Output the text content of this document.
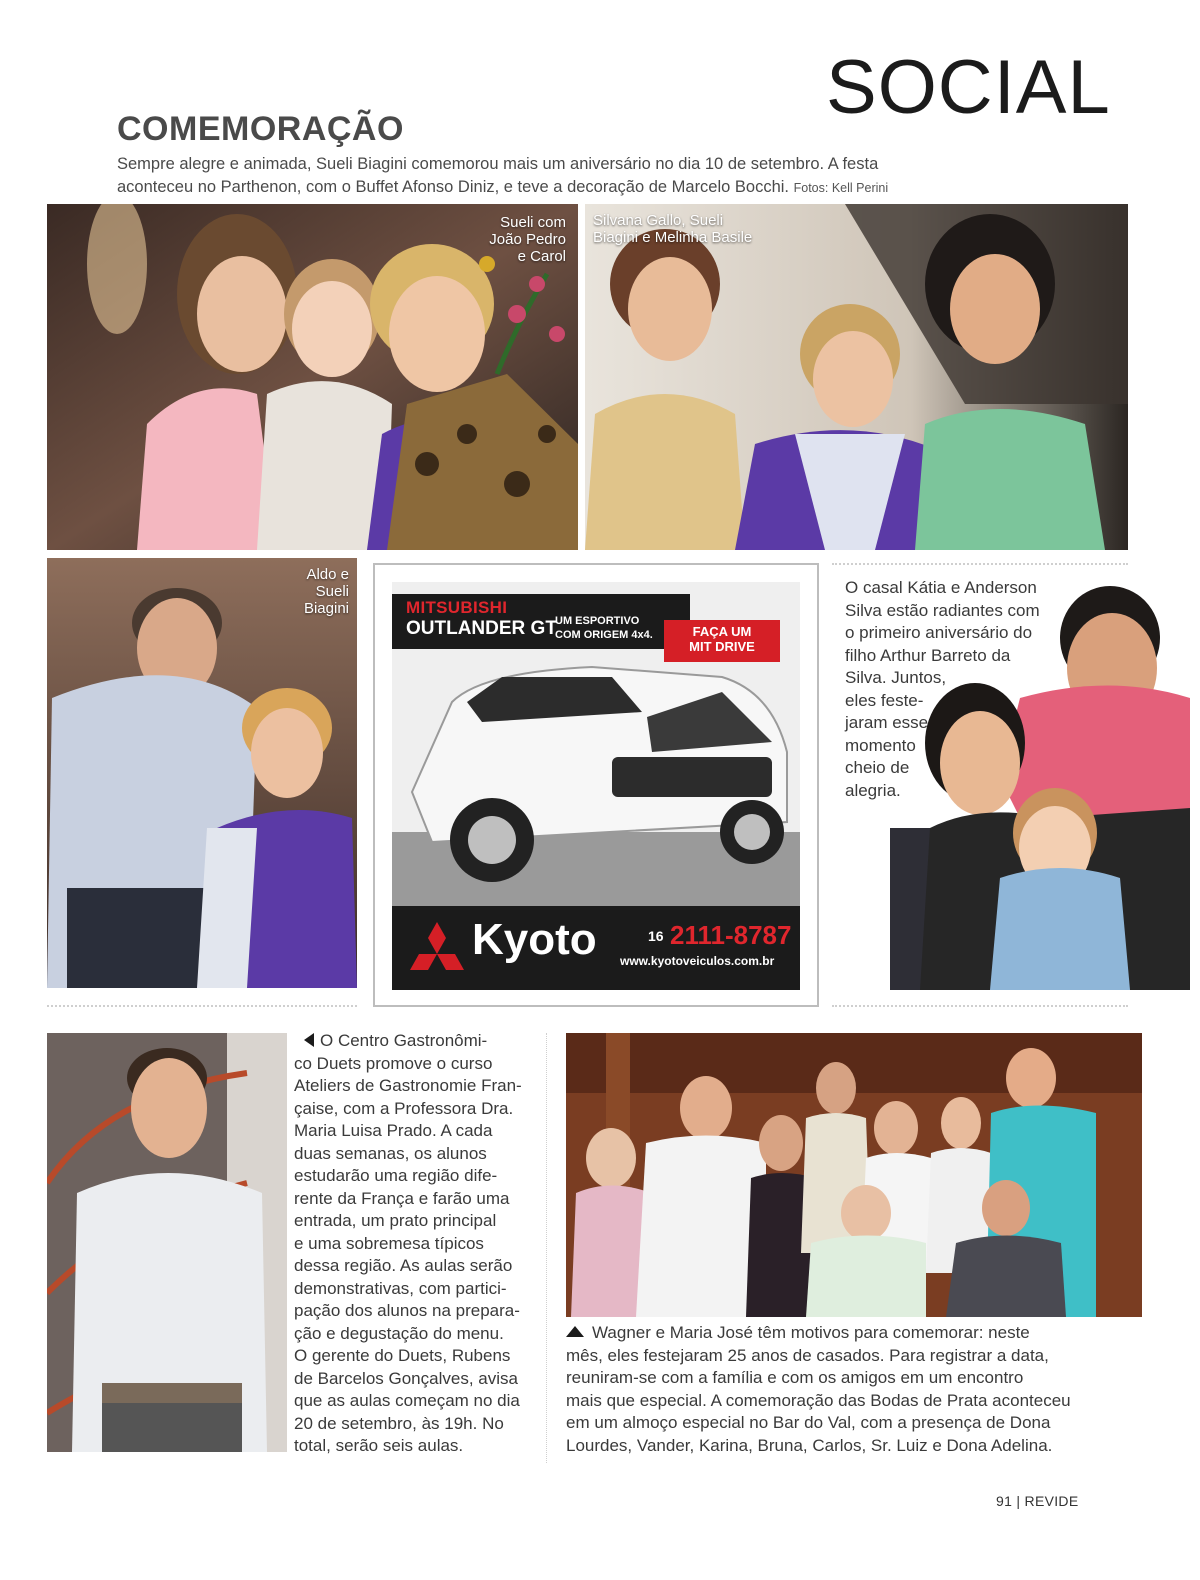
SOCIAL
COMEMORAÇÃO
Sempre alegre e animada, Sueli Biagini comemorou mais um aniversário no dia 10 de setembro. A festa
aconteceu no Parthenon, com o Buffet Afonso Diniz, e teve a decoração de Marcelo Bocchi. Fotos: Kell Perini
Sueli com
João Pedro
e Carol
Silvana Gallo, Sueli
Biagini e Melinha Basile
Aldo e
Sueli
Biagini	MITSUBISHI
OUTLANDER GT
UM ESPORTIVO
COM ORIGEM 4x4.	FAÇA UM
MIT DRIVE
Kyoto	16 2111-8787
www.kyotoveiculos.com.br
O casal Kátia e Anderson
Silva estão radiantes com
o primeiro aniversário do
filho Arthur Barreto da
Silva. Juntos,
eles feste-
jaram esse
momento
cheio de
alegria.
O Centro Gastronômi-
co Duets promove o curso
Ateliers de Gastronomie Fran-
çaise, com a Professora Dra.
Maria Luisa Prado. A cada
duas semanas, os alunos
estudarão uma região dife-
rente da França e farão uma
entrada, um prato principal
e uma sobremesa típicos
dessa região. As aulas serão
demonstrativas, com partici-
pação dos alunos na prepara-
ção e degustação do menu.
O gerente do Duets, Rubens
de Barcelos Gonçalves, avisa
que as aulas começam no dia
20 de setembro, às 19h. No
total, serão seis aulas.
Wagner e Maria José têm motivos para comemorar: neste
mês, eles festejaram 25 anos de casados. Para registrar a data,
reuniram-se com a família e com os amigos em um encontro
mais que especial. A comemoração das Bodas de Prata aconteceu
em um almoço especial no Bar do Val, com a presença de Dona
Lourdes, Vander, Karina, Bruna, Carlos, Sr. Luiz e Dona Adelina.
91 | REVIDE
